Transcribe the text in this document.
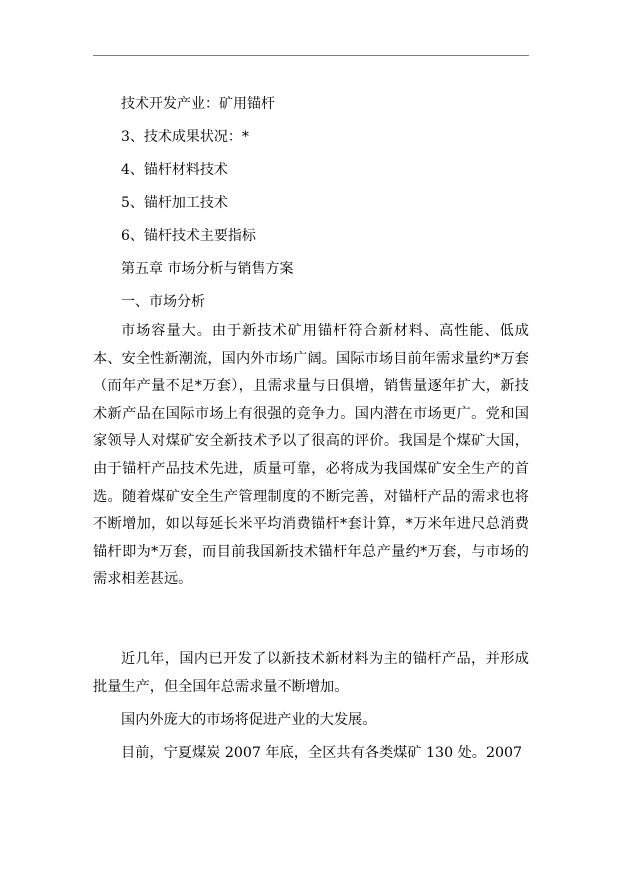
技术开发产业：矿用锚杆
3、技术成果状况：*
4、锚杆材料技术
5、锚杆加工技术
6、锚杆技术主要指标
第五章 市场分析与销售方案
一、市场分析
市场容量大。由于新技术矿用锚杆符合新材料、高性能、低成本、安全性新潮流，国内外市场广阔。国际市场目前年需求量约*万套（而年产量不足*万套），且需求量与日俱增，销售量逐年扩大，新技术新产品在国际市场上有很强的竞争力。国内潜在市场更广。党和国家领导人对煤矿安全新技术予以了很高的评价。我国是个煤矿大国，由于锚杆产品技术先进，质量可靠，必将成为我国煤矿安全生产的首选。随着煤矿安全生产管理制度的不断完善，对锚杆产品的需求也将不断增加，如以每延长米平均消费锚杆*套计算，*万米年进尺总消费锚杆即为*万套，而目前我国新技术锚杆年总产量约*万套，与市场的需求相差甚远。
近几年，国内已开发了以新技术新材料为主的锚杆产品，并形成批量生产，但全国年总需求量不断增加。
国内外庞大的市场将促进产业的大发展。
目前，宁夏煤炭 2007 年底，全区共有各类煤矿 130 处。2007
